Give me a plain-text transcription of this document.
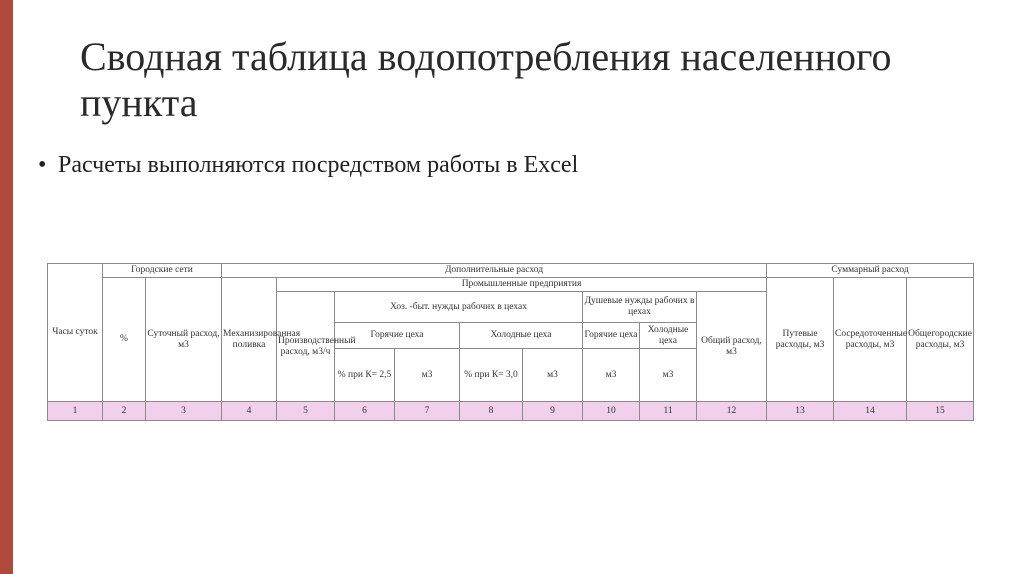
Сводная таблица водопотребления населенного пункта
• Расчеты выполняются посредством работы в Excel
Часы суток	Городские сети		Дополнительные расход									Суммарный расход		
	%	Суточный расход, м3	Механизированная поливка	Промышленные предприятия								Путевые расходы, м3	Сосредоточенные расходы, м3	Общегородские расходы, м3
				Производственный расход, м3/ч	Хоз. -быт. нужды рабочих в цехах				Душевые нужды рабочих в цехах		Общий расход, м3			
					Горячие цеха		Холодные цеха		Горячие цеха	Холодные цеха				
					% при К= 2,5	м3	% при К= 3,0	м3	м3	м3				
1	2	3	4	5	6	7	8	9	10	11	12	13	14	15
